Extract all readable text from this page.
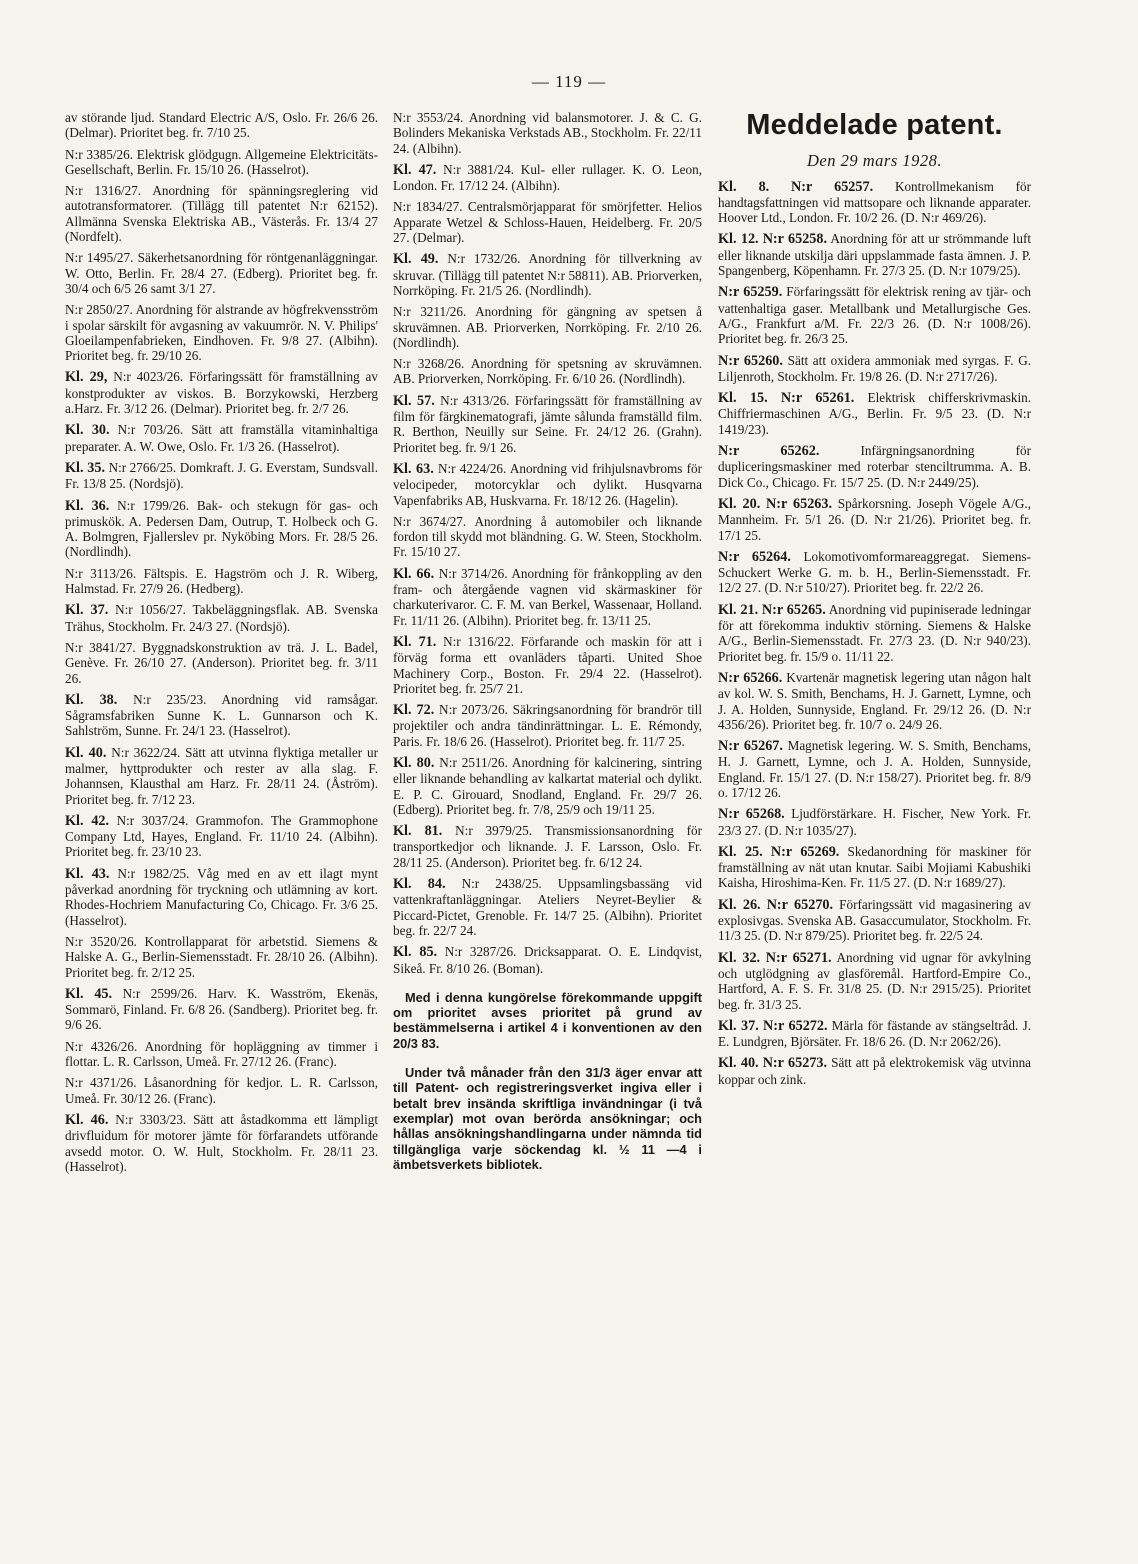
— 119 —

av störande ljud. Standard Electric A/S, Oslo. Fr. 26/6 26. (Delmar). Prioritet beg. fr. 7/10 25.

N:r 3385/26. Elektrisk glödgugn. Allgemeine Elektricitäts-Gesellschaft, Berlin. Fr. 15/10 26. (Hasselrot).

N:r 1316/27. Anordning för spänningsreglering vid autotransformatorer. (Tillägg till patentet N:r 62152). Allmänna Svenska Elektriska AB., Västerås. Fr. 13/4 27 (Nordfelt).

N:r 1495/27. Säkerhetsanordning för röntgenanläggningar. W. Otto, Berlin. Fr. 28/4 27. (Edberg). Prioritet beg. fr. 30/4 och 6/5 26 samt 3/1 27.

N:r 2850/27. Anordning för alstrande av högfrekvensström i spolar särskilt för avgasning av vakuumrör. N. V. Philips' Gloeilampenfabrieken, Eindhoven. Fr. 9/8 27. (Albihn). Prioritet beg. fr. 29/10 26.

Kl. 29, N:r 4023/26. Förfaringssätt för framställning av konstprodukter av viskos. B. Borzykowski, Herzberg a.Harz. Fr. 3/12 26. (Delmar). Prioritet beg. fr. 2/7 26.

Kl. 30. N:r 703/26. Sätt att framställa vitaminhaltiga preparater. A. W. Owe, Oslo. Fr. 1/3 26. (Hasselrot).

Kl. 35. N:r 2766/25. Domkraft. J. G. Everstam, Sundsvall. Fr. 13/8 25. (Nordsjö).

Kl. 36. N:r 1799/26. Bak- och stekugn för gas- och primuskök. A. Pedersen Dam, Outrup, T. Holbeck och G. A. Bolmgren, Fjallerslev pr. Nyköbing Mors. Fr. 28/5 26. (Nordlindh).

N:r 3113/26. Fältspis. E. Hagström och J. R. Wiberg, Halmstad. Fr. 27/9 26. (Hedberg).

Kl. 37. N:r 1056/27. Takbeläggningsflak. AB. Svenska Trähus, Stockholm. Fr. 24/3 27. (Nordsjö).

N:r 3841/27. Byggnadskonstruktion av trä. J. L. Badel, Genève. Fr. 26/10 27. (Anderson). Prioritet beg. fr. 3/11 26.

Kl. 38. N:r 235/23. Anordning vid ramsågar. Sågramsfabriken Sunne K. L. Gunnarson och K. Sahlström, Sunne. Fr. 24/1 23. (Hasselrot).

Kl. 40. N:r 3622/24. Sätt att utvinna flyktiga metaller ur malmer, hyttprodukter och rester av alla slag. F. Johannsen, Klausthal am Harz. Fr. 28/11 24. (Åström). Prioritet beg. fr. 7/12 23.

Kl. 42. N:r 3037/24. Grammofon. The Grammophone Company Ltd, Hayes, England. Fr. 11/10 24. (Albihn). Prioritet beg. fr. 23/10 23.

Kl. 43. N:r 1982/25. Våg med en av ett ilagt mynt påverkad anordning för tryckning och utlämning av kort. Rhodes-Hochriem Manufacturing Co, Chicago. Fr. 3/6 25. (Hasselrot).

N:r 3520/26. Kontrollapparat för arbetstid. Siemens & Halske A. G., Berlin-Siemensstadt. Fr. 28/10 26. (Albihn). Prioritet beg. fr. 2/12 25.

Kl. 45. N:r 2599/26. Harv. K. Wasström, Ekenäs, Sommarö, Finland. Fr. 6/8 26. (Sandberg). Prioritet beg. fr. 9/6 26.

N:r 4326/26. Anordning för hopläggning av timmer i flottar. L. R. Carlsson, Umeå. Fr. 27/12 26. (Franc).

N:r 4371/26. Låsanordning för kedjor. L. R. Carlsson, Umeå. Fr. 30/12 26. (Franc).

Kl. 46. N:r 3303/23. Sätt att åstadkomma ett lämpligt drivfluidum för motorer jämte för förfarandets utförande avsedd motor. O. W. Hult, Stockholm. Fr. 28/11 23. (Hasselrot).

N:r 3553/24. Anordning vid balansmotorer. J. & C. G. Bolinders Mekaniska Verkstads AB., Stockholm. Fr. 22/11 24. (Albihn).

Kl. 47. N:r 3881/24. Kul- eller rullager. K. O. Leon, London. Fr. 17/12 24. (Albihn).

N:r 1834/27. Centralsmörjapparat för smörjfetter. Helios Apparate Wetzel & Schloss-Hauen, Heidelberg. Fr. 20/5 27. (Delmar).

Kl. 49. N:r 1732/26. Anordning för tillverkning av skruvar. (Tillägg till patentet N:r 58811). AB. Priorverken, Norrköping. Fr. 21/5 26. (Nordlindh).

N:r 3211/26. Anordning för gängning av spetsen å skruvämnen. AB. Priorverken, Norrköping. Fr. 2/10 26. (Nordlindh).

N:r 3268/26. Anordning för spetsning av skruvämnen. AB. Priorverken, Norrköping. Fr. 6/10 26. (Nordlindh).

Kl. 57. N:r 4313/26. Förfaringssätt för framställning av film för färgkinematografi, jämte sålunda framställd film. R. Berthon, Neuilly sur Seine. Fr. 24/12 26. (Grahn). Prioritet beg. fr. 9/1 26.

Kl. 63. N:r 4224/26. Anordning vid frihjulsnavbroms för velocipeder, motorcyklar och dylikt. Husqvarna Vapenfabriks AB, Huskvarna. Fr. 18/12 26. (Hagelin).

N:r 3674/27. Anordning å automobiler och liknande fordon till skydd mot bländning. G. W. Steen, Stockholm. Fr. 15/10 27.

Kl. 66. N:r 3714/26. Anordning för frånkoppling av den fram- och återgående vagnen vid skärmaskiner för charkuterivaror. C. F. M. van Berkel, Wassenaar, Holland. Fr. 11/11 26. (Albihn). Prioritet beg. fr. 13/11 25.

Kl. 71. N:r 1316/22. Förfarande och maskin för att i förväg forma ett ovanläders tåparti. United Shoe Machinery Corp., Boston. Fr. 29/4 22. (Hasselrot). Prioritet beg. fr. 25/7 21.

Kl. 72. N:r 2073/26. Säkringsanordning för brandrör till projektiler och andra tändinrättningar. L. E. Rémondy, Paris. Fr. 18/6 26. (Hasselrot). Prioritet beg. fr. 11/7 25.

Kl. 80. N:r 2511/26. Anordning för kalcinering, sintring eller liknande behandling av kalkartat material och dylikt. E. P. C. Girouard, Snodland, England. Fr. 29/7 26. (Edberg). Prioritet beg. fr. 7/8, 25/9 och 19/11 25.

Kl. 81. N:r 3979/25. Transmissionsanordning för transportkedjor och liknande. J. F. Larsson, Oslo. Fr. 28/11 25. (Anderson). Prioritet beg. fr. 6/12 24.

Kl. 84. N:r 2438/25. Uppsamlingsbassäng vid vattenkraftanläggningar. Ateliers Neyret-Beylier & Piccard-Pictet, Grenoble. Fr. 14/7 25. (Albihn). Prioritet beg. fr. 22/7 24.

Kl. 85. N:r 3287/26. Dricksapparat. O. E. Lindqvist, Sikeå. Fr. 8/10 26. (Boman).

Med i denna kungörelse förekommande uppgift om prioritet avses prioritet på grund av bestämmelserna i artikel 4 i konventionen av den 20/3 83.
Under två månader från den 31/3 äger envar att till Patent- och registreringsverket ingiva eller i betalt brev insända skriftliga invändningar (i två exemplar) mot ovan berörda ansökningar; och hållas ansökningshandlingarna under nämnda tid tillgängliga varje söckendag kl. ½ 11 —4 i ämbetsverkets bibliotek.
Meddelade patent.
Den 29 mars 1928.

Kl. 8. N:r 65257. Kontrollmekanism för handtagsfattningen vid mattsopare och liknande apparater. Hoover Ltd., London. Fr. 10/2 26. (D. N:r 469/26).

Kl. 12. N:r 65258. Anordning för att ur strömmande luft eller liknande utskilja däri uppslammade fasta ämnen. J. P. Spangenberg, Köpenhamn. Fr. 27/3 25. (D. N:r 1079/25).

N:r 65259. Förfaringssätt för elektrisk rening av tjär- och vattenhaltiga gaser. Metallbank und Metallurgische Ges. A/G., Frankfurt a/M. Fr. 22/3 26. (D. N:r 1008/26). Prioritet beg. fr. 26/3 25.

N:r 65260. Sätt att oxidera ammoniak med syrgas. F. G. Liljenroth, Stockholm. Fr. 19/8 26. (D. N:r 2717/26).

Kl. 15. N:r 65261. Elektrisk chifferskrivmaskin. Chiffriermaschinen A/G., Berlin. Fr. 9/5 23. (D. N:r 1419/23).

N:r 65262.	Infärgningsanordning för dupliceringsmaskiner med roterbar stenciltrumma. A. B. Dick Co., Chicago. Fr. 15/7 25. (D. N:r 2449/25).

Kl. 20. N:r 65263. Spårkorsning. Joseph Vögele A/G., Mannheim. Fr. 5/1 26. (D. N:r 21/26). Prioritet beg. fr. 17/1 25.

N:r 65264. Lokomotivomformareaggregat. Siemens-Schuckert Werke G. m. b. H., Berlin-Siemensstadt. Fr. 12/2 27. (D. N:r 510/27). Prioritet beg. fr. 22/2 26.

Kl. 21. N:r 65265. Anordning vid pupiniserade ledningar för att förekomma induktiv störning. Siemens & Halske A/G., Berlin-Siemensstadt. Fr. 27/3 23. (D. N:r 940/23). Prioritet beg. fr. 15/9 o. 11/11 22.

N:r 65266. Kvartenär magnetisk legering utan någon halt av kol. W. S. Smith, Benchams, H. J. Garnett, Lymne, och J. A. Holden, Sunnyside, England. Fr. 29/12 26. (D. N:r 4356/26). Prioritet beg. fr. 10/7 o. 24/9 26.

N:r 65267. Magnetisk legering. W. S. Smith, Benchams, H. J. Garnett, Lymne, och J. A. Holden, Sunnyside, England. Fr. 15/1 27. (D. N:r 158/27). Prioritet beg. fr. 8/9 o. 17/12 26.

N:r 65268. Ljudförstärkare. H. Fischer, New York. Fr. 23/3 27. (D. N:r 1035/27).

Kl. 25. N:r 65269. Skedanordning för maskiner för framställning av nät utan knutar. Saibi Mojiami Kabushiki Kaisha, Hiroshima-Ken. Fr. 11/5 27. (D. N:r 1689/27).

Kl. 26. N:r 65270. Förfaringssätt vid magasinering av explosivgas. Svenska AB. Gasaccumulator, Stockholm. Fr. 11/3 25. (D. N:r 879/25). Prioritet beg. fr. 22/5 24.

Kl. 32. N:r 65271. Anordning vid ugnar för avkylning och utglödgning av glasföremål. Hartford-Empire Co., Hartford, A. F. S. Fr. 31/8 25. (D. N:r 2915/25). Prioritet beg. fr. 31/3 25.

Kl. 37. N:r 65272. Märla för fästande av stängseltråd. J. E. Lundgren, Björsäter. Fr. 18/6 26. (D. N:r 2062/26).

Kl. 40. N:r 65273. Sätt att på elektrokemisk väg utvinna koppar och zink.
